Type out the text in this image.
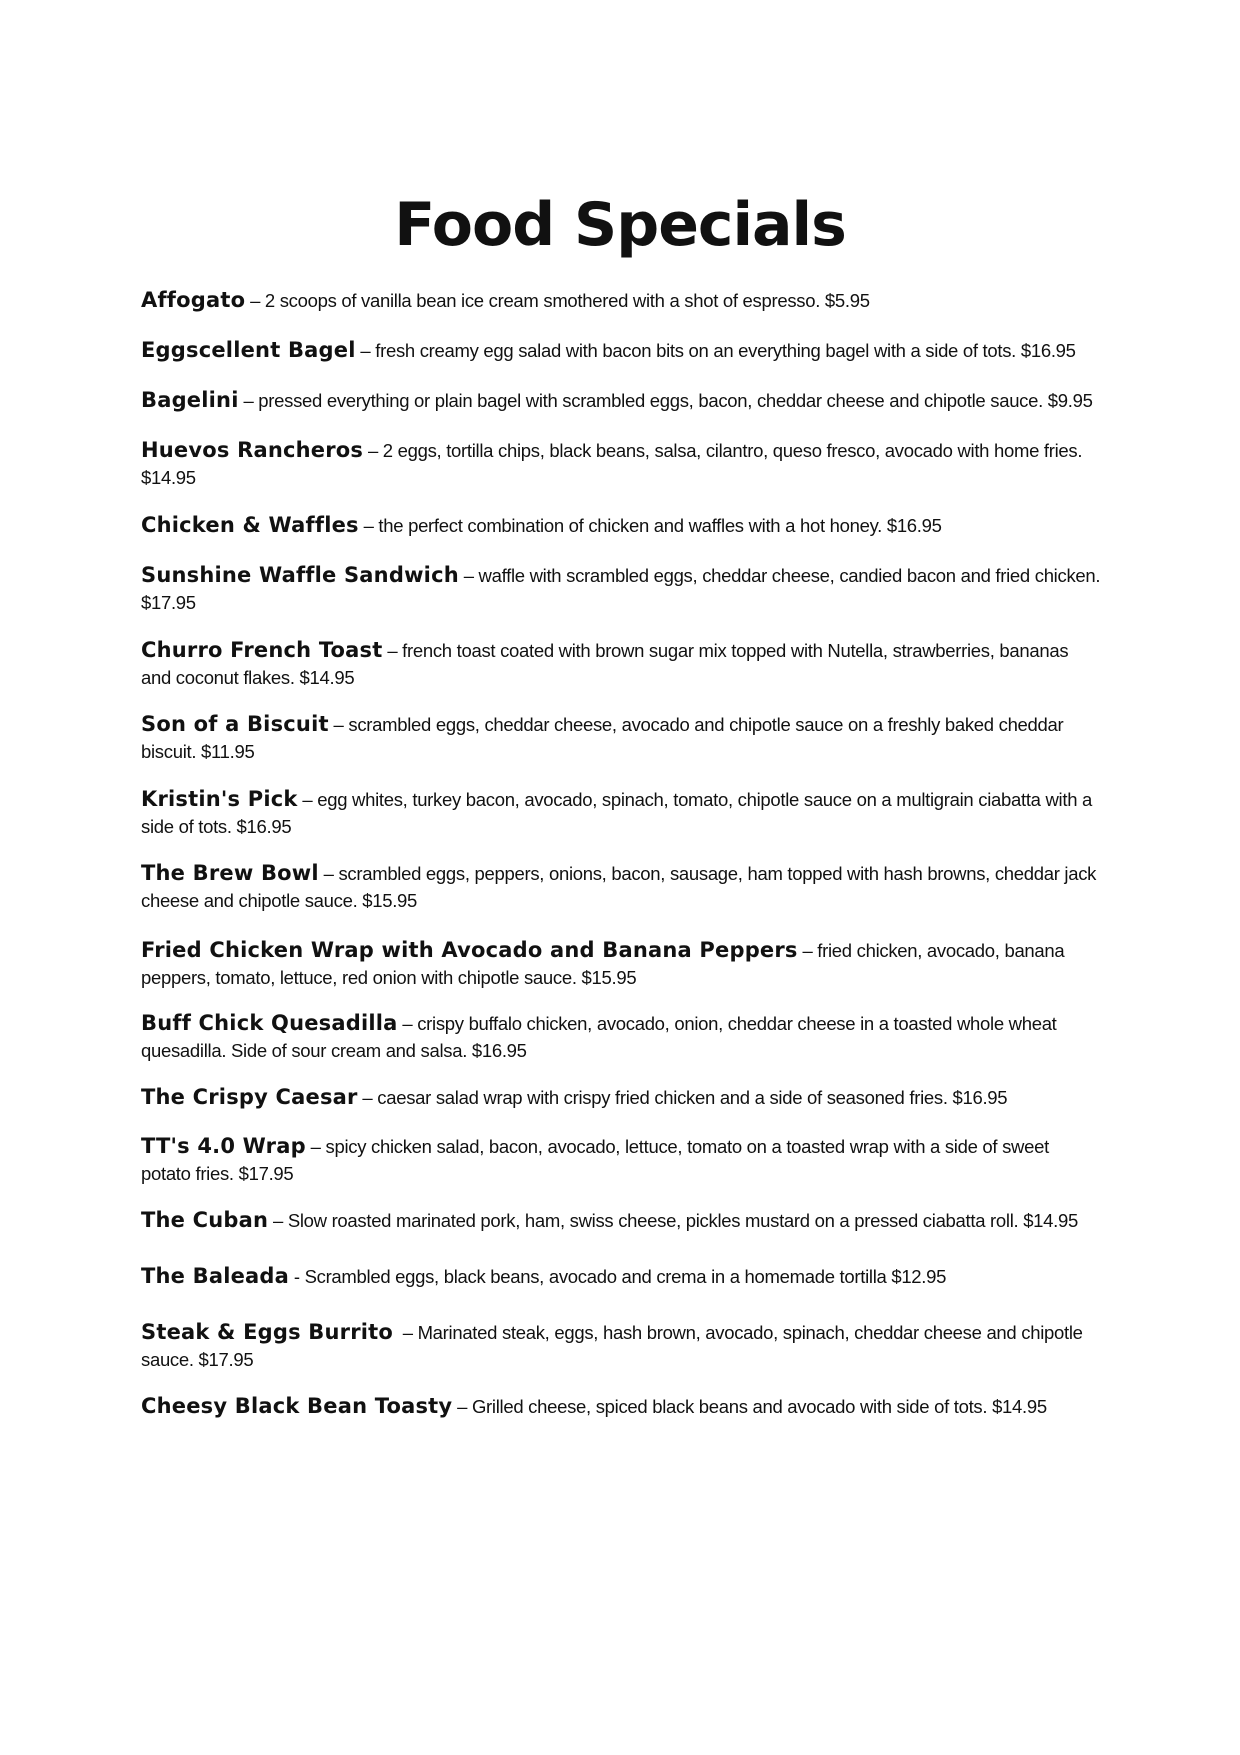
Food Specials
Affogato – 2 scoops of vanilla bean ice cream smothered with a shot of espresso. $5.95
Eggscellent Bagel – fresh creamy egg salad with bacon bits on an everything bagel with a side of tots. $16.95
Bagelini – pressed everything or plain bagel with scrambled eggs, bacon, cheddar cheese and chipotle sauce. $9.95
Huevos Rancheros – 2 eggs, tortilla chips, black beans, salsa, cilantro, queso fresco, avocado with home fries. $14.95
Chicken & Waffles – the perfect combination of chicken and waffles with a hot honey. $16.95
Sunshine Waffle Sandwich – waffle with scrambled eggs, cheddar cheese, candied bacon and fried chicken. $17.95
Churro French Toast – french toast coated with brown sugar mix topped with Nutella, strawberries, bananas and coconut flakes. $14.95
Son of a Biscuit – scrambled eggs, cheddar cheese, avocado and chipotle sauce on a freshly baked cheddar biscuit. $11.95
Kristin's Pick – egg whites, turkey bacon, avocado, spinach, tomato, chipotle sauce on a multigrain ciabatta with a side of tots. $16.95
The Brew Bowl – scrambled eggs, peppers, onions, bacon, sausage, ham topped with hash browns, cheddar jack cheese and chipotle sauce. $15.95
Fried Chicken Wrap with Avocado and Banana Peppers – fried chicken, avocado, banana peppers, tomato, lettuce, red onion with chipotle sauce. $15.95
Buff Chick Quesadilla – crispy buffalo chicken, avocado, onion, cheddar cheese in a toasted whole wheat quesadilla. Side of sour cream and salsa. $16.95
The Crispy Caesar – caesar salad wrap with crispy fried chicken and a side of seasoned fries. $16.95
TT's 4.0 Wrap – spicy chicken salad, bacon, avocado, lettuce, tomato on a toasted wrap with a side of sweet potato fries. $17.95
The Cuban – Slow roasted marinated pork, ham, swiss cheese, pickles mustard on a pressed ciabatta roll. $14.95
The Baleada - Scrambled eggs, black beans, avocado and crema in a homemade tortilla $12.95
Steak & Eggs Burrito  – Marinated steak, eggs, hash brown, avocado, spinach, cheddar cheese and chipotle sauce. $17.95
Cheesy Black Bean Toasty – Grilled cheese, spiced black beans and avocado with side of tots. $14.95
